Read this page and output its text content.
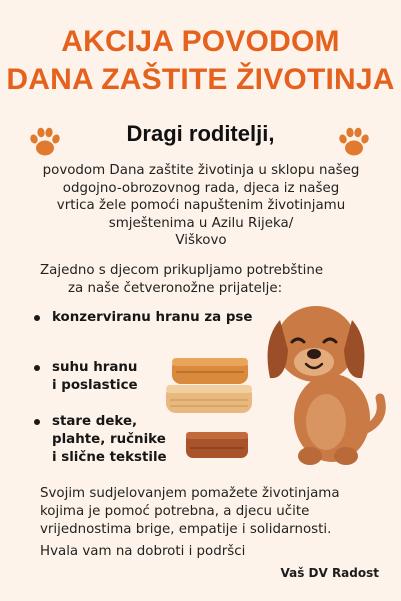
AKCIJA POVODOM
DANA ZAŠTITE ŽIVOTINJA
Dragi roditelji,

povodom Dana zaštite životinja u sklopu našeg

odgojno-obrozovnog rada, djeca iz našeg

vrtica žele pomoći napuštenim životinjamu

smještenima u Azilu Rijeka/

Viškovo

Zajedno s djecom prikupljamo potrebštine

za naše četveronožne prijatelje:

konzerviranu hranu za pse
suhu hranu
i poslastice
stare deke,
plahte, ručnike
i slične tekstile

Svojim sudjelovanjem pomažete životinjama

kojima je pomoć potrebna, a djecu učite

vrijednostima brige, empatije i solidarnosti.

Hvala vam na dobroti i podršci
Vaš DV Radost
